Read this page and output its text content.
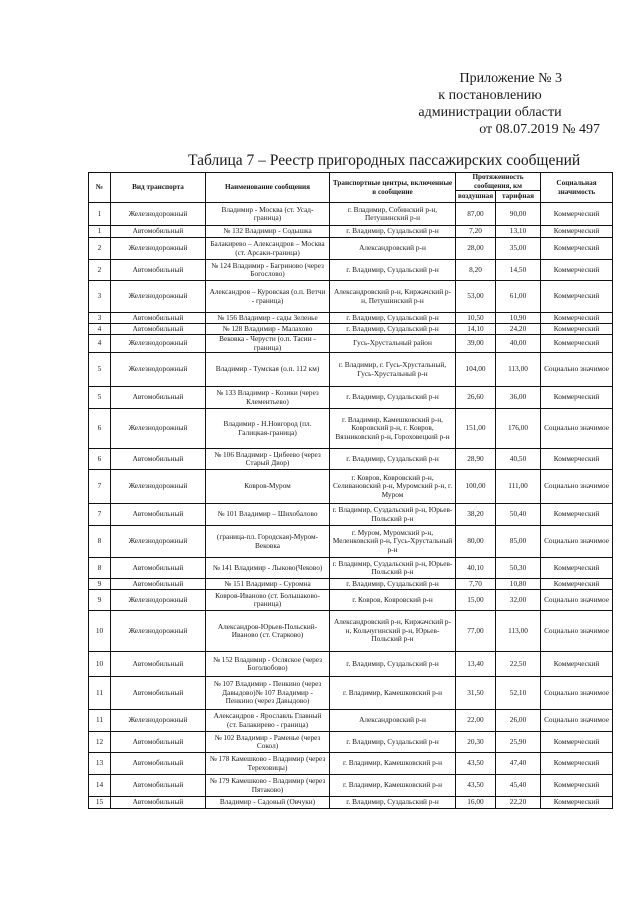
Приложение № 3
к постановлению
администрации области
от 08.07.2019 № 497
Таблица 7 – Реестр пригородных пассажирских сообщений
№	Вид транспорта	Наименование сообщения	Транспортные центры, включенные в сообщение	Протяженность сообщения, км		Социальная значимость
				воздушная	тарифная	
1	Железнодорожный	Владимир - Москва (ст. Усад-граница)	г. Владимир, Собинский р-н, Петушинский р-н	87,00	90,00	Коммерческий
1	Автомобильный	№ 132 Владимир - Содышка	г. Владимир, Суздальский р-н	7,20	13,10	Коммерческий
2	Железнодорожный	Балакирево – Александров – Москва (ст. Арсаки-граница)	Александровский р-н	28,00	35,00	Коммерческий
2	Автомобильный	№ 124 Владимир - Багриново (через Богослово)	г. Владимир, Суздальский р-н	8,20	14,50	Коммерческий
3	Железнодорожный	Александров – Куровская (о.п. Ветчи - граница)	Александровский р-н, Киржачский р-н, Петушинский р-н	53,00	61,00	Коммерческий
3	Автомобильный	№ 156 Владимир - сады Зеленье	г. Владимир, Суздальский р-н	10,50	10,90	Коммерческий
4	Автомобильный	№ 128 Владимир - Малахово	г. Владимир, Суздальский р-н	14,10	24,20	Коммерческий
4	Железнодорожный	Вековка - Черусти (о.п. Тасин - граница)	Гусь-Хрустальный район	39,00	40,00	Коммерческий
5	Железнодорожный	Владимир - Тумская (о.п. 112 км)	г. Владимир, г. Гусь-Хрустальный, Гусь-Хрустальный р-н	104,00	113,00	Социально значимое
5	Автомобильный	№ 133 Владимир - Козики (через Клементьево)	г. Владимир, Суздальский р-н	26,60	36,00	Коммерческий
6	Железнодорожный	Владимир - Н.Новгород (пл. Галицкая-граница)	г. Владимир, Камешковский р-н, Ковровский р-н, г. Ковров, Вязниковский р-н, Гороховецкий р-н	151,00	176,00	Социально значимое
6	Автомобильный	№ 106 Владимир - Цибеево (через Старый Двор)	г. Владимир, Суздальский р-н	28,90	40,50	Коммерческий
7	Железнодорожный	Ковров-Муром	г. Ковров, Ковровский р-н, Селивановский р-н, Муромский р-н, г. Муром	100,00	111,00	Социально значимое
7	Автомобильный	№ 101 Владимир – Шихобалово	г. Владимир, Суздальский р-н, Юрьев-Польский р-н	38,20	50,40	Коммерческий
8	Железнодорожный	(граница-пл. Городская)-Муром-Вековка	г. Муром, Муромский р-н, Меленковский р-н, Гусь-Хрустальный р-н	80,00	85,00	Социально значимое
8	Автомобильный	№ 141 Владимир - Лыково(Чеково)	г. Владимир, Суздальский р-н, Юрьев-Польский р-н	40,10	50,30	Коммерческий
9	Автомобильный	№ 151 Владимир - Суромна	г. Владимир, Суздальский р-н	7,70	10,80	Коммерческий
9	Железнодорожный	Ковров-Иваново (ст. Большаково-граница)	г. Ковров, Ковровский р-н	15,00	32,00	Социально значимое
10	Железнодорожный	Александров-Юрьев-Польский-Иваново (ст. Старково)	Александровский р-н, Киржачский р-н, Кольчугинский р-н, Юрьев-Польский р-н	77,00	113,00	Социально значимое
10	Автомобильный	№ 152 Владимир - Осляское (через Боголюбово)	г. Владимир, Суздальский р-н	13,40	22,50	Коммерческий
11	Автомобильный	№ 107 Владимир - Пенкино (через Давыдово)№ 107 Владимир - Пенкино (через Давыдово)	г. Владимир, Камешковский р-н	31,50	52,10	Социально значимое
11	Железнодорожный	Александров - Ярославль Главный (ст. Балакирево - граница)	Александровский р-н	22,00	26,00	Социально значимое
12	Автомобильный	№ 102 Владимир - Раменье (через Сокол)	г. Владимир, Суздальский р-н	20,30	25,90	Коммерческий
13	Автомобильный	№ 178 Камешково - Владимир (через Тереховицы)	г. Владимир, Камешковский р-н	43,50	47,40	Коммерческий
14	Автомобильный	№ 179 Камешково - Владимир (через Пятаково)	г. Владимир, Камешковский р-н	43,50	45,40	Коммерческий
15	Автомобильный	Владимир - Садовый (Овчуки)	г. Владимир, Суздальский р-н	16,00	22,20	Коммерческий
